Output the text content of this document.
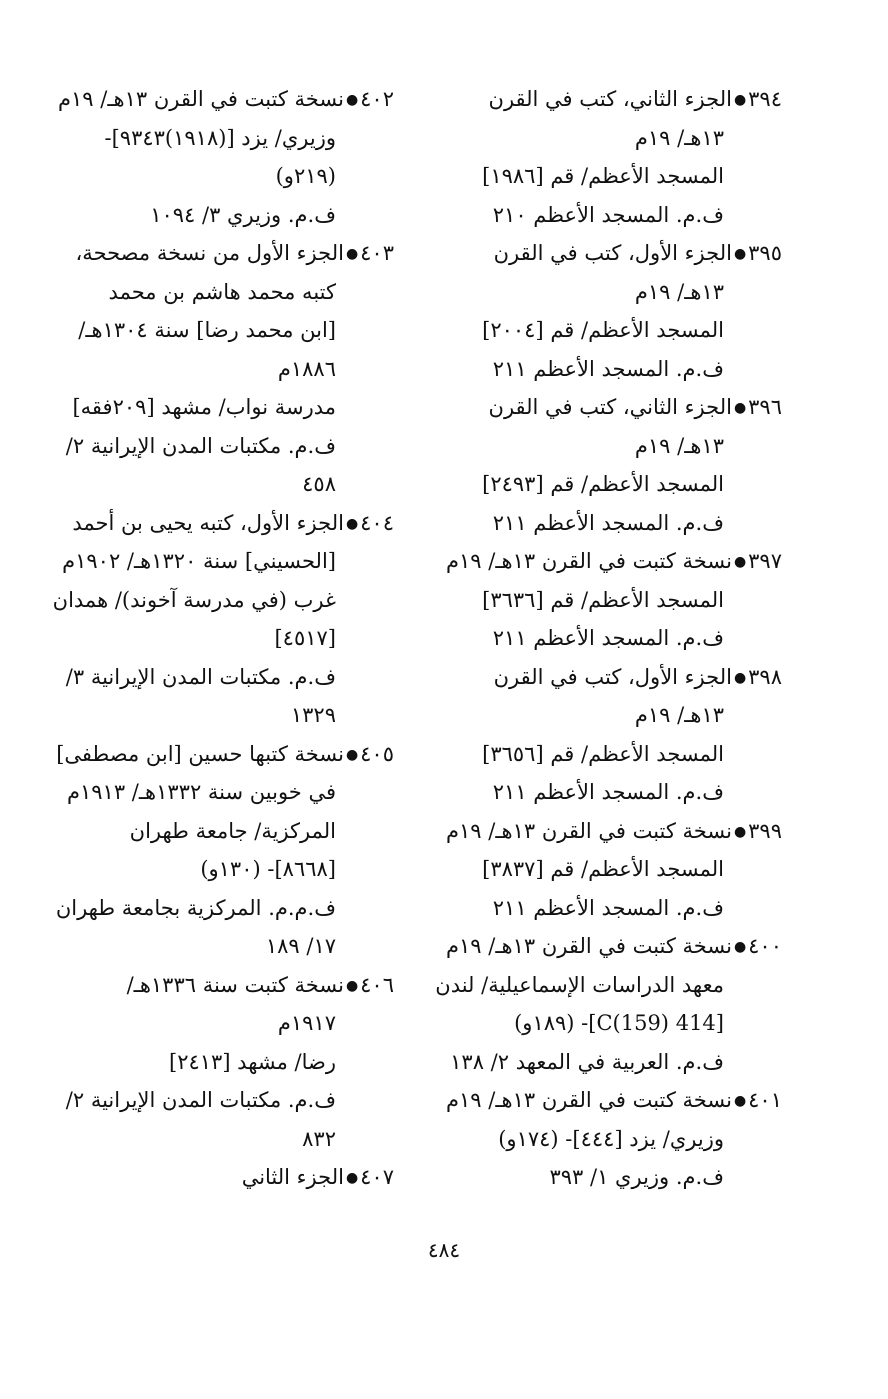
٣٩٤●الجزء الثاني، كتب في القرن
١٣هـ/ ١٩م
المسجد الأعظم/ قم [١٩٨٦]
ف.م. المسجد الأعظم ٢١٠
٣٩٥●الجزء الأول، كتب في القرن
١٣هـ/ ١٩م
المسجد الأعظم/ قم [٢٠٠٤]
ف.م. المسجد الأعظم ٢١١
٣٩٦●الجزء الثاني، كتب في القرن
١٣هـ/ ١٩م
المسجد الأعظم/ قم [٢٤٩٣]
ف.م. المسجد الأعظم ٢١١
٣٩٧●نسخة كتبت في القرن ١٣هـ/ ١٩م
المسجد الأعظم/ قم [٣٦٣٦]
ف.م. المسجد الأعظم ٢١١
٣٩٨●الجزء الأول، كتب في القرن
١٣هـ/ ١٩م
المسجد الأعظم/ قم [٣٦٥٦]
ف.م. المسجد الأعظم ٢١١
٣٩٩●نسخة كتبت في القرن ١٣هـ/ ١٩م
المسجد الأعظم/ قم [٣٨٣٧]
ف.م. المسجد الأعظم ٢١١
٤٠٠●نسخة كتبت في القرن ١٣هـ/ ١٩م
معهد الدراسات الإسماعيلية/ لندن
[414 C(159)]- (١٨٩و)
ف.م. العربية في المعهد ٢/ ١٣٨
٤٠١●نسخة كتبت في القرن ١٣هـ/ ١٩م
وزيري/ يزد [٤٤٤]- (١٧٤و)
ف.م. وزيري ١/ ٣٩٣
٤٠٢●نسخة كتبت في القرن ١٣هـ/ ١٩م
وزيري/ يزد [(١٩١٨)٩٣٤٣]-
(٢١٩و)
ف.م. وزيري ٣/ ١٠٩٤
٤٠٣●الجزء الأول من نسخة مصححة،
كتبه محمد هاشم بن محمد
[ابن محمد رضا] سنة ١٣٠٤هـ/
١٨٨٦م
مدرسة نواب/ مشهد [٢٠٩فقه]
ف.م. مكتبات المدن الإيرانية ٢/
٤٥٨
٤٠٤●الجزء الأول، كتبه يحيى بن أحمد
[الحسيني] سنة ١٣٢٠هـ/ ١٩٠٢م
غرب (في مدرسة آخوند)/ همدان
[٤٥١٧]
ف.م. مكتبات المدن الإيرانية ٣/
١٣٢٩
٤٠٥●نسخة كتبها حسين [ابن مصطفى]
في خوبين سنة ١٣٣٢هـ/ ١٩١٣م
المركزية/ جامعة طهران
[٨٦٦٨]- (١٣٠و)
ف.م.م. المركزية بجامعة طهران
١٧/ ١٨٩
٤٠٦●نسخة كتبت سنة ١٣٣٦هـ/
١٩١٧م
رضا/ مشهد [٢٤١٣]
ف.م. مكتبات المدن الإيرانية ٢/
٨٣٢
٤٠٧●الجزء الثاني
٤٨٤
